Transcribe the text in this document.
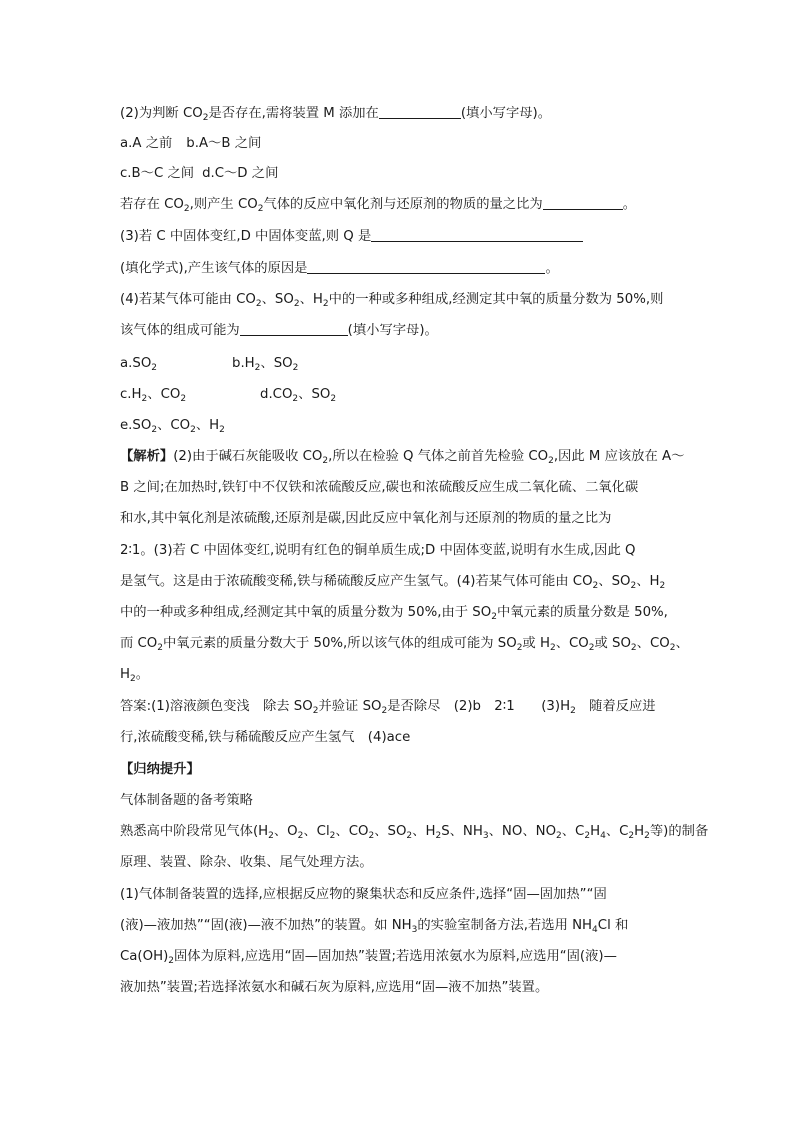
(2)为判断 $CO_2$是否存在,需将装置 M 添加在	(填小写字母)。
a.A 之前 b.A～B 之间
c.B～C 之间 d.C～D 之间
若存在 $CO_2$,则产生 $CO_2$气体的反应中氧化剂与还原剂的物质的量之比为	。
(3)若 C 中固体变红,D 中固体变蓝,则 Q 是
(填化学式),产生该气体的原因是	。
(4)若某气体可能由 $CO_2$、$SO_2$、$H_2$中的一种或多种组成,经测定其中氧的质量分数为 50%,则
该气体的组成可能为	(填小写字母)。
$a.SO_2$	$b.H_2$、$SO_2$
$c.H_2$、$CO_2$	$d.CO_2$、$SO_2$
$e.SO_2$、$CO_2$、$H_2$
【解析】(2)由于碱石灰能吸收 $CO_2$,所以在检验 Q 气体之前首先检验 $CO_2$,因此 M 应该放在 A～
B 之间;在加热时,铁钉中不仅铁和浓硫酸反应,碳也和浓硫酸反应生成二氧化硫、二氧化碳
和水,其中氧化剂是浓硫酸,还原剂是碳,因此反应中氧化剂与还原剂的物质的量之比为
2∶1。(3)若 C 中固体变红,说明有红色的铜单质生成;D 中固体变蓝,说明有水生成,因此 Q
是氢气。这是由于浓硫酸变稀,铁与稀硫酸反应产生氢气。(4)若某气体可能由 $CO_2$、$SO_2$、$H_2$
中的一种或多种组成,经测定其中氧的质量分数为 50%,由于 $SO_2$中氧元素的质量分数是 50%,
而 $CO_2$中氧元素的质量分数大于 50%,所以该气体的组成可能为 $SO_2$或 $H_2$、$CO_2$或 $SO_2$、$CO_2$、
$H_2$。
答案:(1)溶液颜色变浅　除去 $SO_2$并验证 $SO_2$是否除尽　(2)b　2∶1　　$(3)H_2$　随着反应进
行,浓硫酸变稀,铁与稀硫酸反应产生氢气　(4)ace
【归纳提升】
气体制备题的备考策略
熟悉高中阶段常见气体($H_2$、$O_2$、$Cl_2$、$CO_2$、$SO_2$、$H_2S$、$NH_3$、NO、$NO_2$、$C_2H_4$、$C_2H_2$等)的制备
原理、装置、除杂、收集、尾气处理方法。
(1)气体制备装置的选择,应根据反应物的聚集状态和反应条件,选择“固—固加热”“固
(液)—液加热”“固(液)—液不加热”的装置。如 $NH_3$的实验室制备方法,若选用 $NH_4Cl$ 和
$Ca(OH)_2$固体为原料,应选用“固—固加热”装置;若选用浓氨水为原料,应选用“固(液)—
液加热”装置;若选择浓氨水和碱石灰为原料,应选用“固—液不加热”装置。
